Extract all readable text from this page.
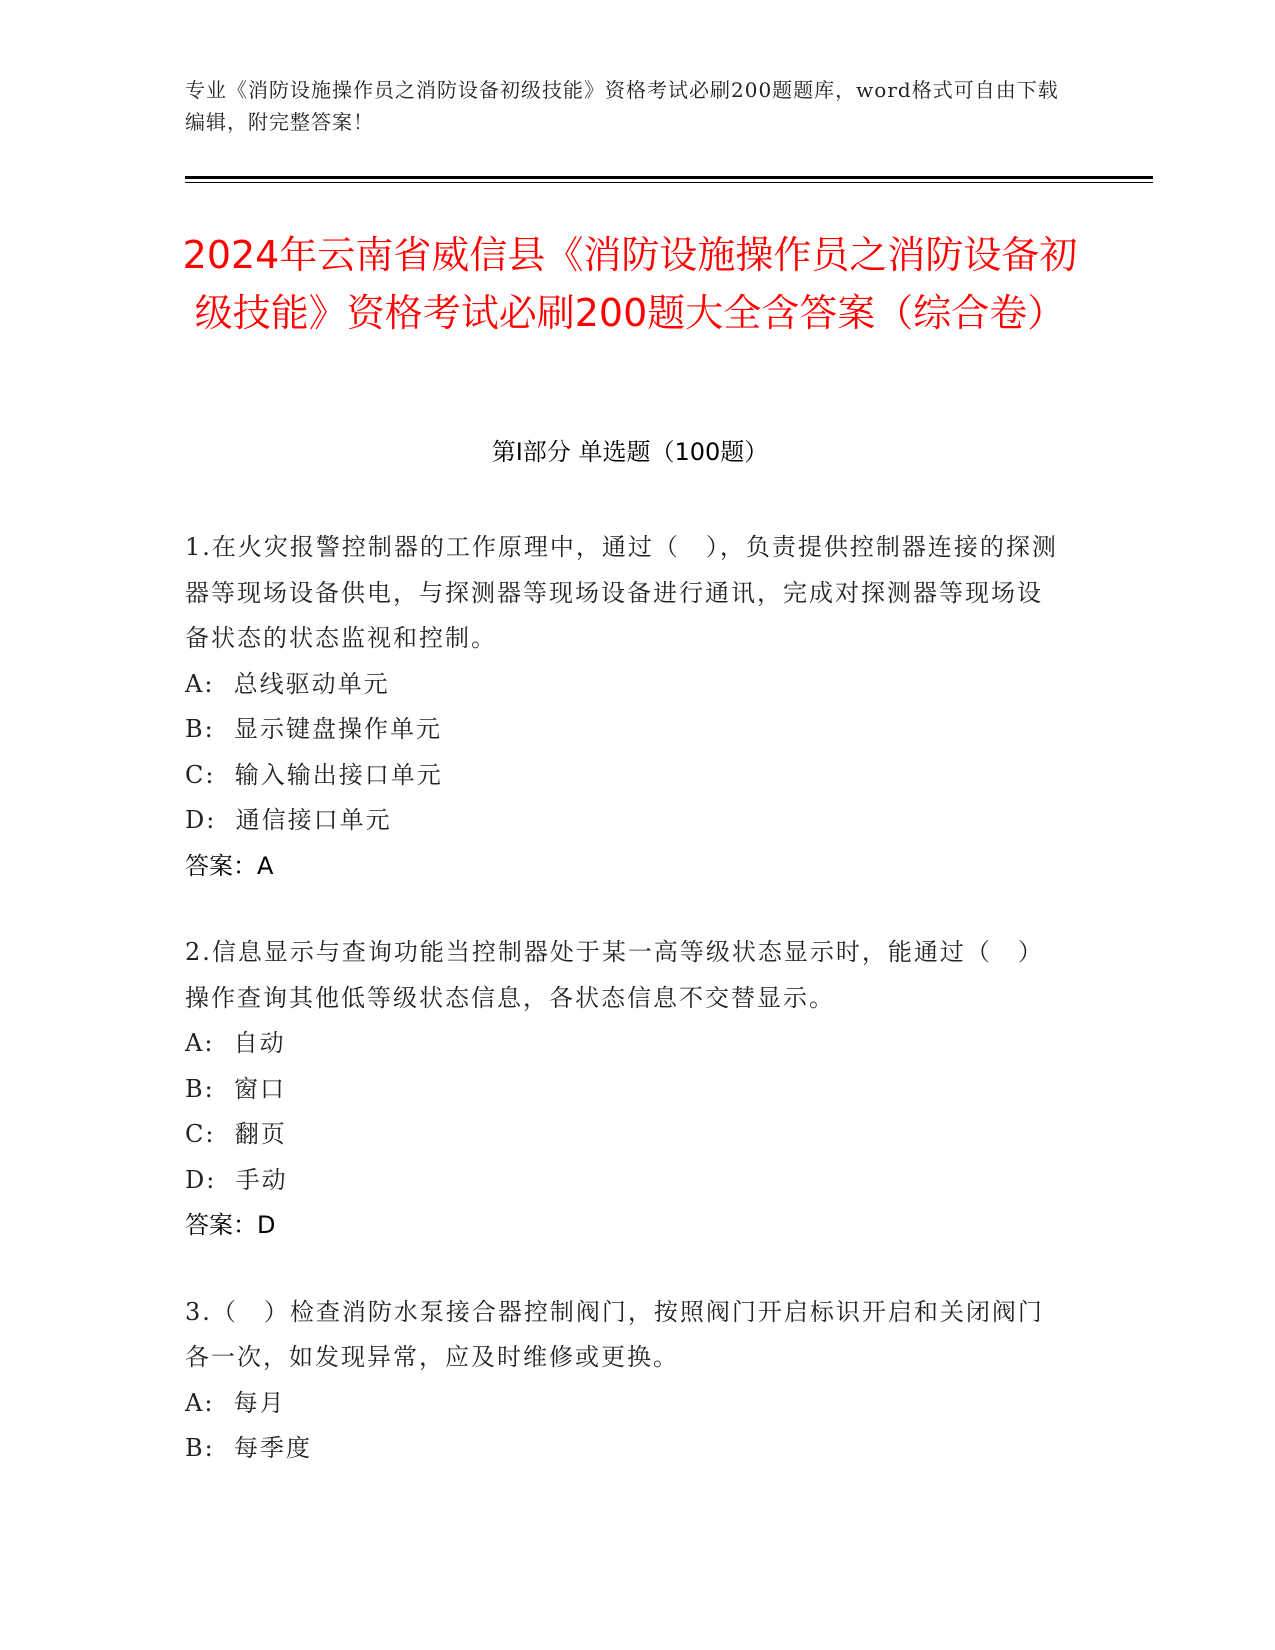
专业《消防设施操作员之消防设备初级技能》资格考试必刷200题题库，word格式可自由下载编辑，附完整答案！
2024年云南省威信县《消防设施操作员之消防设备初级技能》资格考试必刷200题大全含答案（综合卷）
第Ⅰ部分 单选题（100题）

1.在火灾报警控制器的工作原理中，通过（　），负责提供控制器连接的探测器等现场设备供电，与探测器等现场设备进行通讯，完成对探测器等现场设备状态的状态监视和控制。

A:  总线驱动单元

B:  显示键盘操作单元

C:  输入输出接口单元

D:  通信接口单元

答案：A

2.信息显示与查询功能当控制器处于某一高等级状态显示时，能通过（　）操作查询其他低等级状态信息，各状态信息不交替显示。

A:  自动

B:  窗口

C:  翻页

D:  手动

答案：D

3.（　）检查消防水泵接合器控制阀门，按照阀门开启标识开启和关闭阀门各一次，如发现异常，应及时维修或更换。

A:  每月

B:  每季度
